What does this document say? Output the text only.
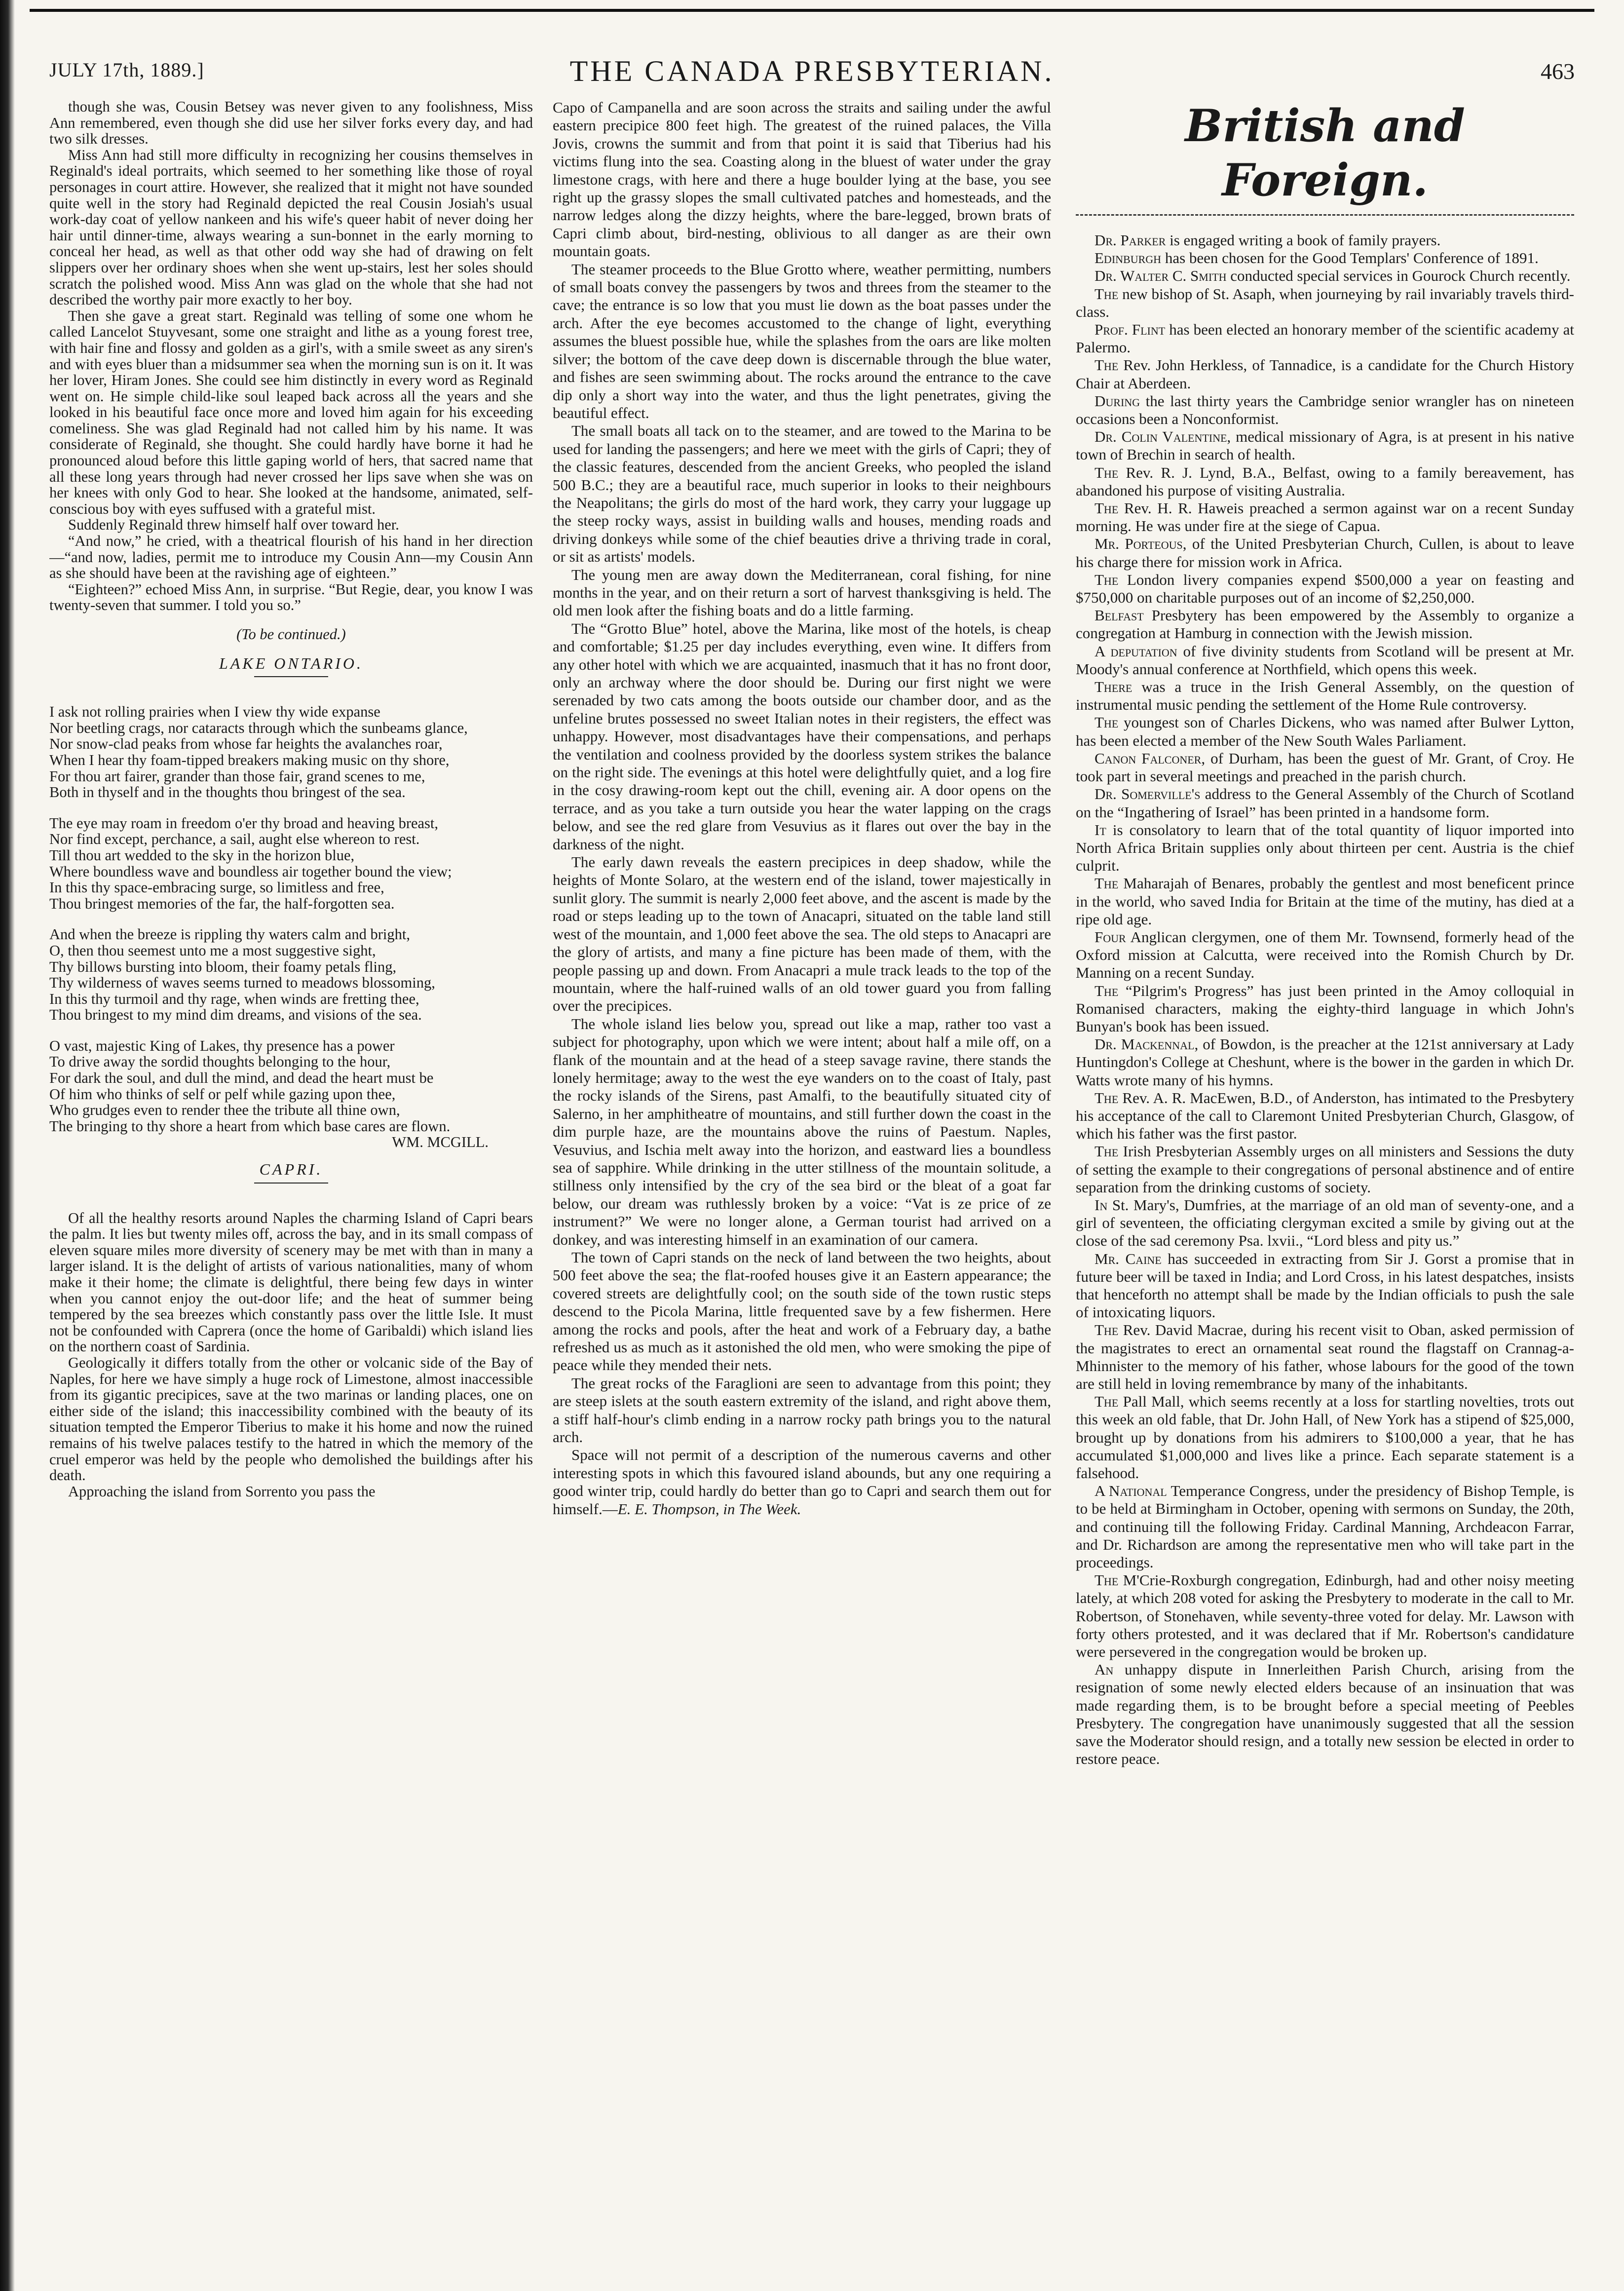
JULY 17th, 1889.]	THE CANADA PRESBYTERIAN.	463

though she was, Cousin Betsey was never given to any foolishness, Miss Ann remembered, even though she did use her silver forks every day, and had two silk dresses.

Miss Ann had still more difficulty in recognizing her cousins themselves in Reginald's ideal portraits, which seemed to her something like those of royal personages in court attire. However, she realized that it might not have sounded quite well in the story had Reginald depicted the real Cousin Josiah's usual work-day coat of yellow nankeen and his wife's queer habit of never doing her hair until dinner-time, always wearing a sun-bonnet in the early morning to conceal her head, as well as that other odd way she had of drawing on felt slippers over her ordinary shoes when she went up-stairs, lest her soles should scratch the polished wood. Miss Ann was glad on the whole that she had not described the worthy pair more exactly to her boy.

Then she gave a great start. Reginald was telling of some one whom he called Lancelot Stuyvesant, some one straight and lithe as a young forest tree, with hair fine and flossy and golden as a girl's, with a smile sweet as any siren's and with eyes bluer than a midsummer sea when the morning sun is on it. It was her lover, Hiram Jones. She could see him distinctly in every word as Reginald went on. He simple child-like soul leaped back across all the years and she looked in his beautiful face once more and loved him again for his exceeding comeliness. She was glad Reginald had not called him by his name. It was considerate of Reginald, she thought. She could hardly have borne it had he pronounced aloud before this little gaping world of hers, that sacred name that all these long years through had never crossed her lips save when she was on her knees with only God to hear. She looked at the handsome, animated, self-conscious boy with eyes suffused with a grateful mist.

Suddenly Reginald threw himself half over toward her.

“And now,” he cried, with a theatrical flourish of his hand in her direction—“and now, ladies, permit me to introduce my Cousin Ann—my Cousin Ann as she should have been at the ravishing age of eighteen.”

“Eighteen?” echoed Miss Ann, in surprise. “But Regie, dear, you know I was twenty-seven that summer. I told you so.”

(To be continued.)
LAKE ONTARIO.
I ask not rolling prairies when I view thy wide expanse
Nor beetling crags, nor cataracts through which the sunbeams glance,
Nor snow-clad peaks from whose far heights the avalanches roar,
When I hear thy foam-tipped breakers making music on thy shore,
For thou art fairer, grander than those fair, grand scenes to me,
Both in thyself and in the thoughts thou bringest of the sea.
The eye may roam in freedom o'er thy broad and heaving breast,
Nor find except, perchance, a sail, aught else whereon to rest.
Till thou art wedded to the sky in the horizon blue,
Where boundless wave and boundless air together bound the view;
In this thy space-embracing surge, so limitless and free,
Thou bringest memories of the far, the half-forgotten sea.
And when the breeze is rippling thy waters calm and bright,
O, then thou seemest unto me a most suggestive sight,
Thy billows bursting into bloom, their foamy petals fling,
Thy wilderness of waves seems turned to meadows blossoming,
In this thy turmoil and thy rage, when winds are fretting thee,
Thou bringest to my mind dim dreams, and visions of the sea.
O vast, majestic King of Lakes, thy presence has a power
To drive away the sordid thoughts belonging to the hour,
For dark the soul, and dull the mind, and dead the heart must be
Of him who thinks of self or pelf while gazing upon thee,
Who grudges even to render thee the tribute all thine own,
The bringing to thy shore a heart from which base cares are flown.
WM. MCGILL.
CAPRI.

Of all the healthy resorts around Naples the charming Island of Capri bears the palm. It lies but twenty miles off, across the bay, and in its small compass of eleven square miles more diversity of scenery may be met with than in many a larger island. It is the delight of artists of various nationalities, many of whom make it their home; the climate is delightful, there being few days in winter when you cannot enjoy the out-door life; and the heat of summer being tempered by the sea breezes which constantly pass over the little Isle. It must not be confounded with Caprera (once the home of Garibaldi) which island lies on the northern coast of Sardinia.

Geologically it differs totally from the other or volcanic side of the Bay of Naples, for here we have simply a huge rock of Limestone, almost inaccessible from its gigantic precipices, save at the two marinas or landing places, one on either side of the island; this inaccessibility combined with the beauty of its situation tempted the Emperor Tiberius to make it his home and now the ruined remains of his twelve palaces testify to the hatred in which the memory of the cruel emperor was held by the people who demolished the buildings after his death.

Approaching the island from Sorrento you pass the

Capo of Campanella and are soon across the straits and sailing under the awful eastern precipice 800 feet high. The greatest of the ruined palaces, the Villa Jovis, crowns the summit and from that point it is said that Tiberius had his victims flung into the sea. Coasting along in the bluest of water under the gray limestone crags, with here and there a huge boulder lying at the base, you see right up the grassy slopes the small cultivated patches and homesteads, and the narrow ledges along the dizzy heights, where the bare-legged, brown brats of Capri climb about, bird-nesting, oblivious to all danger as are their own mountain goats.

The steamer proceeds to the Blue Grotto where, weather permitting, numbers of small boats convey the passengers by twos and threes from the steamer to the cave; the entrance is so low that you must lie down as the boat passes under the arch. After the eye becomes accustomed to the change of light, everything assumes the bluest possible hue, while the splashes from the oars are like molten silver; the bottom of the cave deep down is discernable through the blue water, and fishes are seen swimming about. The rocks around the entrance to the cave dip only a short way into the water, and thus the light penetrates, giving the beautiful effect.

The small boats all tack on to the steamer, and are towed to the Marina to be used for landing the passengers; and here we meet with the girls of Capri; they of the classic features, descended from the ancient Greeks, who peopled the island 500 B.C.; they are a beautiful race, much superior in looks to their neighbours the Neapolitans; the girls do most of the hard work, they carry your luggage up the steep rocky ways, assist in building walls and houses, mending roads and driving donkeys while some of the chief beauties drive a thriving trade in coral, or sit as artists' models.

The young men are away down the Mediterranean, coral fishing, for nine months in the year, and on their return a sort of harvest thanksgiving is held. The old men look after the fishing boats and do a little farming.

The “Grotto Blue” hotel, above the Marina, like most of the hotels, is cheap and comfortable; $1.25 per day includes everything, even wine. It differs from any other hotel with which we are acquainted, inasmuch that it has no front door, only an archway where the door should be. During our first night we were serenaded by two cats among the boots outside our chamber door, and as the unfeline brutes possessed no sweet Italian notes in their registers, the effect was unhappy. However, most disadvantages have their compensations, and perhaps the ventilation and coolness provided by the doorless system strikes the balance on the right side. The evenings at this hotel were delightfully quiet, and a log fire in the cosy drawing-room kept out the chill, evening air. A door opens on the terrace, and as you take a turn outside you hear the water lapping on the crags below, and see the red glare from Vesuvius as it flares out over the bay in the darkness of the night.

The early dawn reveals the eastern precipices in deep shadow, while the heights of Monte Solaro, at the western end of the island, tower majestically in sunlit glory. The summit is nearly 2,000 feet above, and the ascent is made by the road or steps leading up to the town of Anacapri, situated on the table land still west of the mountain, and 1,000 feet above the sea. The old steps to Anacapri are the glory of artists, and many a fine picture has been made of them, with the people passing up and down. From Anacapri a mule track leads to the top of the mountain, where the half-ruined walls of an old tower guard you from falling over the precipices.

The whole island lies below you, spread out like a map, rather too vast a subject for photography, upon which we were intent; about half a mile off, on a flank of the mountain and at the head of a steep savage ravine, there stands the lonely hermitage; away to the west the eye wanders on to the coast of Italy, past the rocky islands of the Sirens, past Amalfi, to the beautifully situated city of Salerno, in her amphitheatre of mountains, and still further down the coast in the dim purple haze, are the mountains above the ruins of Paestum. Naples, Vesuvius, and Ischia melt away into the horizon, and eastward lies a boundless sea of sapphire. While drinking in the utter stillness of the mountain solitude, a stillness only intensified by the cry of the sea bird or the bleat of a goat far below, our dream was ruthlessly broken by a voice: “Vat is ze price of ze instrument?” We were no longer alone, a German tourist had arrived on a donkey, and was interesting himself in an examination of our camera.

The town of Capri stands on the neck of land between the two heights, about 500 feet above the sea; the flat-roofed houses give it an Eastern appearance; the covered streets are delightfully cool; on the south side of the town rustic steps descend to the Picola Marina, little frequented save by a few fishermen. Here among the rocks and pools, after the heat and work of a February day, a bathe refreshed us as much as it astonished the old men, who were smoking the pipe of peace while they mended their nets.

The great rocks of the Faraglioni are seen to advantage from this point; they are steep islets at the south eastern extremity of the island, and right above them, a stiff half-hour's climb ending in a narrow rocky path brings you to the natural arch.

Space will not permit of a description of the numerous caverns and other interesting spots in which this favoured island abounds, but any one requiring a good winter trip, could hardly do better than go to Capri and search them out for himself.—E. E. Thompson, in The Week.

British and Foreign.

Dr. Parker is engaged writing a book of family prayers.

Edinburgh has been chosen for the Good Templars' Conference of 1891.

Dr. Walter C. Smith conducted special services in Gourock Church recently.

The new bishop of St. Asaph, when journeying by rail invariably travels third-class.

Prof. Flint has been elected an honorary member of the scientific academy at Palermo.

The Rev. John Herkless, of Tannadice, is a candidate for the Church History Chair at Aberdeen.

During the last thirty years the Cambridge senior wrangler has on nineteen occasions been a Nonconformist.

Dr. Colin Valentine, medical missionary of Agra, is at present in his native town of Brechin in search of health.

The Rev. R. J. Lynd, B.A., Belfast, owing to a family bereavement, has abandoned his purpose of visiting Australia.

The Rev. H. R. Haweis preached a sermon against war on a recent Sunday morning. He was under fire at the siege of Capua.

Mr. Porteous, of the United Presbyterian Church, Cullen, is about to leave his charge there for mission work in Africa.

The London livery companies expend $500,000 a year on feasting and $750,000 on charitable purposes out of an income of $2,250,000.

Belfast Presbytery has been empowered by the Assembly to organize a congregation at Hamburg in connection with the Jewish mission.

A deputation of five divinity students from Scotland will be present at Mr. Moody's annual conference at Northfield, which opens this week.

There was a truce in the Irish General Assembly, on the question of instrumental music pending the settlement of the Home Rule controversy.

The youngest son of Charles Dickens, who was named after Bulwer Lytton, has been elected a member of the New South Wales Parliament.

Canon Falconer, of Durham, has been the guest of Mr. Grant, of Croy. He took part in several meetings and preached in the parish church.

Dr. Somerville's address to the General Assembly of the Church of Scotland on the “Ingathering of Israel” has been printed in a handsome form.

It is consolatory to learn that of the total quantity of liquor imported into North Africa Britain supplies only about thirteen per cent. Austria is the chief culprit.

The Maharajah of Benares, probably the gentlest and most beneficent prince in the world, who saved India for Britain at the time of the mutiny, has died at a ripe old age.

Four Anglican clergymen, one of them Mr. Townsend, formerly head of the Oxford mission at Calcutta, were received into the Romish Church by Dr. Manning on a recent Sunday.

The “Pilgrim's Progress” has just been printed in the Amoy colloquial in Romanised characters, making the eighty-third language in which John's Bunyan's book has been issued.

Dr. Mackennal, of Bowdon, is the preacher at the 121st anniversary at Lady Huntingdon's College at Cheshunt, where is the bower in the garden in which Dr. Watts wrote many of his hymns.

The Rev. A. R. MacEwen, B.D., of Anderston, has intimated to the Presbytery his acceptance of the call to Claremont United Presbyterian Church, Glasgow, of which his father was the first pastor.

The Irish Presbyterian Assembly urges on all ministers and Sessions the duty of setting the example to their congregations of personal abstinence and of entire separation from the drinking customs of society.

In St. Mary's, Dumfries, at the marriage of an old man of seventy-one, and a girl of seventeen, the officiating clergyman excited a smile by giving out at the close of the sad ceremony Psa. lxvii., “Lord bless and pity us.”

Mr. Caine has succeeded in extracting from Sir J. Gorst a promise that in future beer will be taxed in India; and Lord Cross, in his latest despatches, insists that henceforth no attempt shall be made by the Indian officials to push the sale of intoxicating liquors.

The Rev. David Macrae, during his recent visit to Oban, asked permission of the magistrates to erect an ornamental seat round the flagstaff on Crannag-a-Mhinnister to the memory of his father, whose labours for the good of the town are still held in loving remembrance by many of the inhabitants.

The Pall Mall, which seems recently at a loss for startling novelties, trots out this week an old fable, that Dr. John Hall, of New York has a stipend of $25,000, brought up by donations from his admirers to $100,000 a year, that he has accumulated $1,000,000 and lives like a prince. Each separate statement is a falsehood.

A National Temperance Congress, under the presidency of Bishop Temple, is to be held at Birmingham in October, opening with sermons on Sunday, the 20th, and continuing till the following Friday. Cardinal Manning, Archdeacon Farrar, and Dr. Richardson are among the representative men who will take part in the proceedings.

The M'Crie-Roxburgh congregation, Edinburgh, had and other noisy meeting lately, at which 208 voted for asking the Presbytery to moderate in the call to Mr. Robertson, of Stonehaven, while seventy-three voted for delay. Mr. Lawson with forty others protested, and it was declared that if Mr. Robertson's candidature were persevered in the congregation would be broken up.

An unhappy dispute in Innerleithen Parish Church, arising from the resignation of some newly elected elders because of an insinuation that was made regarding them, is to be brought before a special meeting of Peebles Presbytery. The congregation have unanimously suggested that all the session save the Moderator should resign, and a totally new session be elected in order to restore peace.
